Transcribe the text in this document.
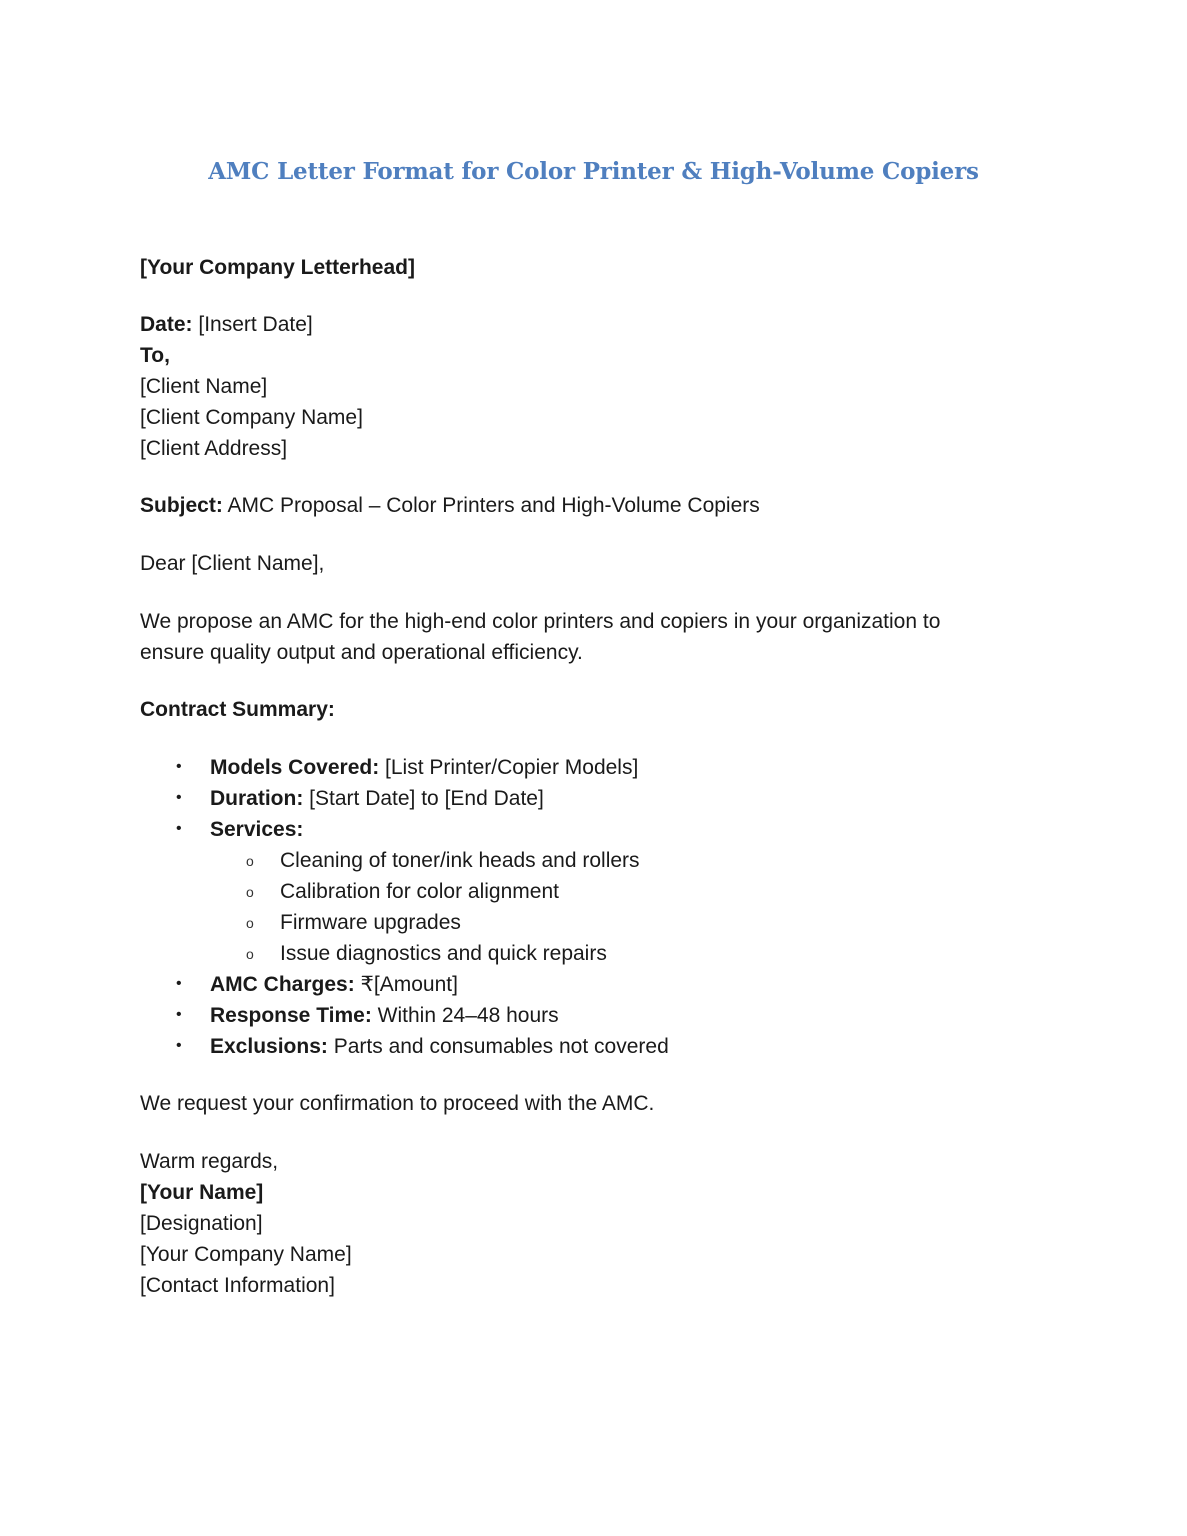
AMC Letter Format for Color Printer & High-Volume Copiers
[Your Company Letterhead]
Date: [Insert Date]
To,
[Client Name]
[Client Company Name]
[Client Address]
Subject: AMC Proposal – Color Printers and High-Volume Copiers
Dear [Client Name],
We propose an AMC for the high-end color printers and copiers in your organization to
ensure quality output and operational efficiency.
Contract Summary:
• Models Covered: [List Printer/Copier Models]
• Duration: [Start Date] to [End Date]
• Services:
o Cleaning of toner/ink heads and rollers
o Calibration for color alignment
o Firmware upgrades
o Issue diagnostics and quick repairs
• AMC Charges: ₹[Amount]
• Response Time: Within 24–48 hours
• Exclusions: Parts and consumables not covered
We request your confirmation to proceed with the AMC.
Warm regards,
[Your Name]
[Designation]
[Your Company Name]
[Contact Information]
